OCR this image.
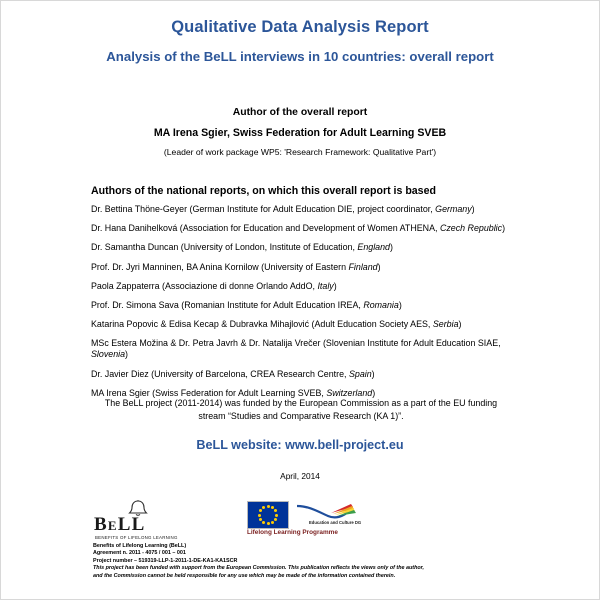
Qualitative Data Analysis Report
Analysis of the BeLL interviews in 10 countries: overall report
Author of the overall report
MA Irena Sgier, Swiss Federation for Adult Learning SVEB
(Leader of work package WP5: 'Research Framework: Qualitative Part')
Authors of the national reports, on which this overall report is based
Dr. Bettina Thöne-Geyer (German Institute for Adult Education DIE, project coordinator, Germany)
Dr. Hana Danihelková (Association for Education and Development of Women ATHENA, Czech Republic)
Dr. Samantha Duncan (University of London, Institute of Education, England)
Prof. Dr. Jyri Manninen, BA Anina Kornilow (University of Eastern Finland)
Paola Zappaterra (Associazione di donne Orlando AddO, Italy)
Prof. Dr. Simona Sava (Romanian Institute for Adult Education IREA, Romania)
Katarina Popovic & Edisa Kecap & Dubravka Mihajlović (Adult Education Society AES, Serbia)
MSc Estera Možina & Dr. Petra Javrh & Dr. Natalija Vrečer (Slovenian Institute for Adult Education SIAE, Slovenia)
Dr. Javier Diez (University of Barcelona, CREA Research Centre, Spain)
MA Irena Sgier (Swiss Federation for Adult Learning SVEB, Switzerland)
The BeLL project (2011-2014) was funded by the European Commission as a part of the EU funding stream “Studies and Comparative Research (KA 1)”.
BeLL website: www.bell-project.eu
April, 2014
BELL
BENEFITS OF LIFELONG LEARNING
Education and Culture DG
Lifelong Learning Programme
Benefits of Lifelong Learning (BeLL)
Agreement n. 2011 - 4075 / 001 – 001
Project number – 519319-LLP-1-2011-1-DE-KA1-KA1SCR
This project has been funded with support from the European Commission. This publication reflects the views only of the author,
and the Commission cannot be held responsible for any use which may be made of the information contained therein.
